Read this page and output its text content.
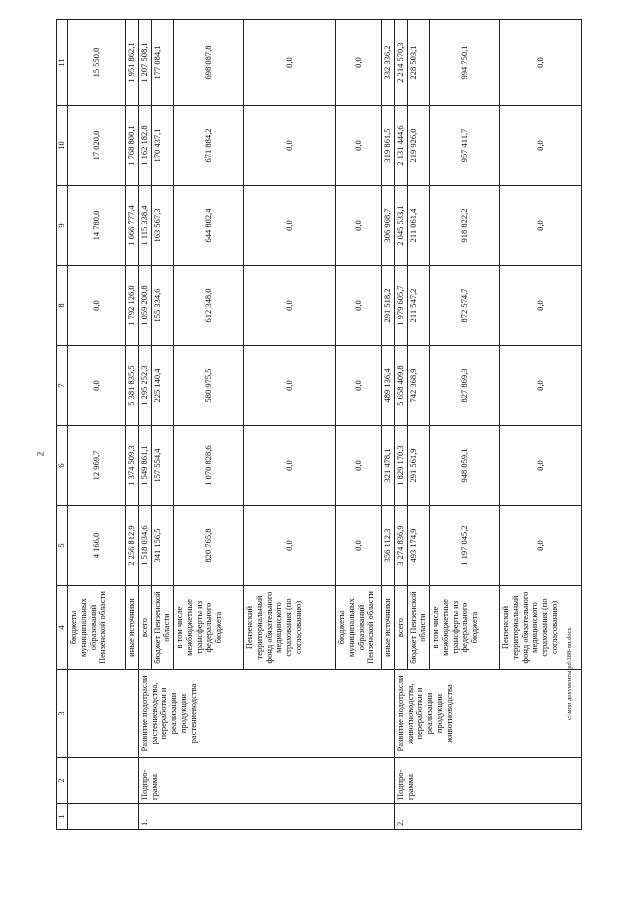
2
1	2	3	4	5	6	7	8	9	10	11
			бюджеты муниципальных образований Пензенской области	4 166,0	12 969,7	0,0	0,0	14 780,0	17 020,0	15 550,0
			иные источники	2 256 812,9	1 374 509,3	5 381 835,5	1 792 126,0	1 666 777,4	1 768 800,1	1 951 862,1
1.	Подпро-грамма	Развитие подотрасли растениеводства, переработки и реализации продукции растениеводства	всего	1 518 034,6	1 549 861,1	1 295 252,3	1 059 200,8	1 115 338,4	1 162 182,8	1 207 508,1
			бюджет Пензенской области	341 156,5	157 554,4	225 140,4	155 334,6	163 567,3	170 437,1	177 084,1
			в том числе межбюджетные трансферты из федерального бюджета	820 765,8	1 070 828,6	580 975,5	612 348,0	644 802,4	671 884,2	698 087,8
			Пензенский территориальный фонд обязательного медицинского страхования (по согласованию)	0,0	0,0	0,0	0,0	0,0	0,0	0,0
			бюджеты муниципальных образований Пензенской области	0,0	0,0	0,0	0,0	0,0	0,0	0,0
			иные источники	356 112,3	321 478,1	489 136,4	291 518,2	306 968,7	319 861,5	332 336,2
2.	Подпро-грамма	Развитие подотрасли животноводства, переработки и реализации продукции животноводства	всего	3 274 836,9	1 829 170,3	5 658 409,8	1 979 605,7	2 045 533,1	2 131 444,6	2 214 570,3
			бюджет Пензенской области	493 174,9	291 561,9	742 368,9	211 547,2	211 061,4	219 926,0	228 503,1
			в том числе межбюджетные трансферты из федерального бюджета	1 197 045,2	948 059,1	827 869,3	872 574,7	918 822,2	957 411,7	994 750,1
			Пензенский территориальный фонд обязательного медицинского страхования (по согласованию)	0,0	0,0	0,0	0,0	0,0	0,0	0,0
c:\мои документы\pd\388-пп.docx
